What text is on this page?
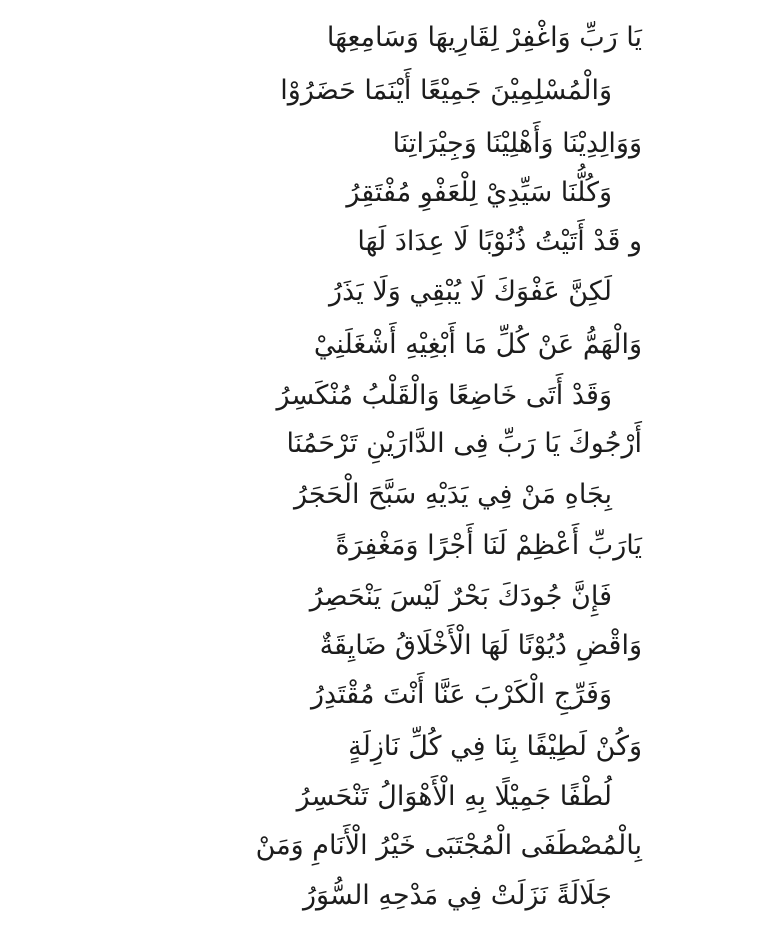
يَا رَبِّ وَاغْفِرْ لِقَارِيهَا وَسَامِعِهَا
وَالْمُسْلِمِيْنَ جَمِيْعًا أَيْنَمَا حَضَرُوْا
وَوَالِدِيْنَا وَأَهْلِيْنَا وَجِيْرَاتِنَا
وَكُلُّنَا سَيِّدِيْ لِلْعَفْوِ مُفْتَقِرُ
و قَدْ أَتَيْتُ ذُنُوْبًا لَا عِدَادَ لَهَا
لَكِنَّ عَفْوَكَ لَا يُبْقِي وَلَا يَذَرُ
وَالْهَمُّ عَنْ كُلِّ مَا أَبْغِيْهِ أَشْغَلَنِيْ
وَقَدْ أَتَى خَاضِعًا وَالْقَلْبُ مُنْكَسِرُ
أَرْجُوكَ يَا رَبِّ فِى الدَّارَيْنِ تَرْحَمُنَا
بِجَاهِ مَنْ فِي يَدَيْهِ سَبَّحَ الْحَجَرُ
يَارَبِّ أَعْظِمْ لَنَا أَجْرًا وَمَغْفِرَةً
فَإِنَّ جُودَكَ بَحْرٌ لَيْسَ يَنْحَصِرُ
وَاقْضِ دُيُوْنًا لَهَا الْأَخْلَاقُ ضَايِقَةٌ
وَفَرِّجِ الْكَرْبَ عَنَّا أَنْتَ مُقْتَدِرُ
وَكُنْ لَطِيْفًا بِنَا فِي كُلِّ نَازِلَةٍ
لُطْفًا جَمِيْلًا بِهِ الْأَهْوَالُ تَنْحَسِرُ
بِالْمُصْطَفَى الْمُجْتَبَى خَيْرُ الْأَنَامِ وَمَنْ
جَلَالَةً نَزَلَتْ فِي مَدْحِهِ السُّوَرُ
